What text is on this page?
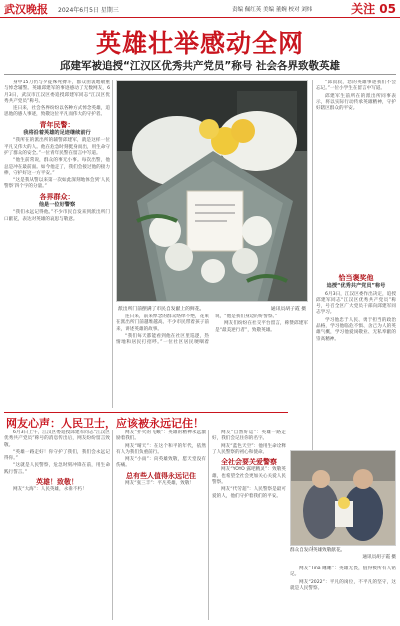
武汉晚报 2024年6月5日 星期三	责编 佩红英 美编 董婉 校对 刘炜	关注 05
英雄壮举感动全网
邱建军被追授“江汉区优秀共产党员”称号 社会各界致敬英雄

身中15刀仍与歹徒殊死搏斗，群众由衷地敬重与悼念辅警。英雄邱建军的事迹感动了无数网友，6月3日，武汉市江汉区委追授邱建军同志“江汉区优秀共产党员”称号。

连日来，社会各界纷纷以各种方式悼念英雄，追思他的感人事迹，致敬这位平凡而伟大的守护者。

青年民警：
我将沿着英雄的足迹继续前行

“我所在的派出所的辅警邱建军，就是这样一位平凡又伟大的人。他在危急时刻挺身而出，用生命守护了群众的安全。”一位青年民警在留言中写道。

“他生前常说，群众的事无小事。每次出警，他总是冲在最前面。如今他走了，我们会接过他的接力棒，守护好这一方平安。”

“这是我从警以来第一次如此深刻地体会到‘人民警察’四个字的分量。”

各界群众：
他是一位好警察

“我们永远记得他。”不少市民自发来到派出所门口献花，表达对英雄的哀思与敬意。

派出所门前摆满了市民自发献上的鲜花。	通讯员胡子霞 摄

连日来，前来悼念的群众络绎不绝，花束在派出所门前越堆越高。不少市民带着孩子前来，讲述英雄的故事。

“我们每天都能看到他在社区里巡逻，热情地和居民打招呼。”一位社区居民哽咽着说，“他是我们身边的好警察。”

网友们纷纷在社交平台留言，称赞邱建军是“最美逆行者”，致敬英雄。

“邱叔叔，您的英雄事迹我们不会忘记。”一位小学生在留言中写道。

邱建军生前所在的派出所同事表示，将以实际行动传承英雄精神，守护好辖区群众的平安。

恰当褒奖他
追授“优秀共产党员”称号

6月3日，江汉区委作出决定，追授邱建军同志“江汉区优秀共产党员”称号，号召全区广大党员干部向邱建军同志学习。

学习他忠于人民、勇于担当的政治品格，学习他临危不惧、舍己为人的英雄气概，学习他爱岗敬业、无私奉献的崇高精神。

网友心声：人民卫士，应该被永远记住！

6月3日上午，江汉区委追授邱建军同志“江汉区优秀共产党员”称号的消息传出后，网友纷纷留言致敬。

“英雄一路走好！你守护了我们，我们会永远记得你。”

“这就是人民警察，危急时刻冲锋在前，用生命践行誓言。”

英雄！致敬！

网友“大海”：人民英雄，永垂不朽！

网友“扑火的飞蛾”：英雄的精神永远激励着我们。

网友“晴天”：在这个和平的年代，依然有人为我们负重前行。

网友“小雨”：向英雄致敬，愿天堂没有伤痛。

总有些人值得永远记住

网友“张三丰”：平凡英雄，致敬！

网友“自然好运”：英雄一路走好，我们会记住你的名字。

网友“蓝色天空”：他用生命诠释了人民警察的初心和使命。

全社会要关爱警察

网友“YOYO 露吧精灵”：致敬英雄，也希望全社会更加关心关爱人民警察。

网友“代劳超”：人民警察是最可爱的人，他们守护着我们的平安。

群众自发向英雄致敬献花。

通讯员胡子霞 摄

网友“Tina 睡睡”：英雄无畏，值得被所有人铭记。

网友“2022”：平凡的岗位，不平凡的坚守，这就是人民警察。
